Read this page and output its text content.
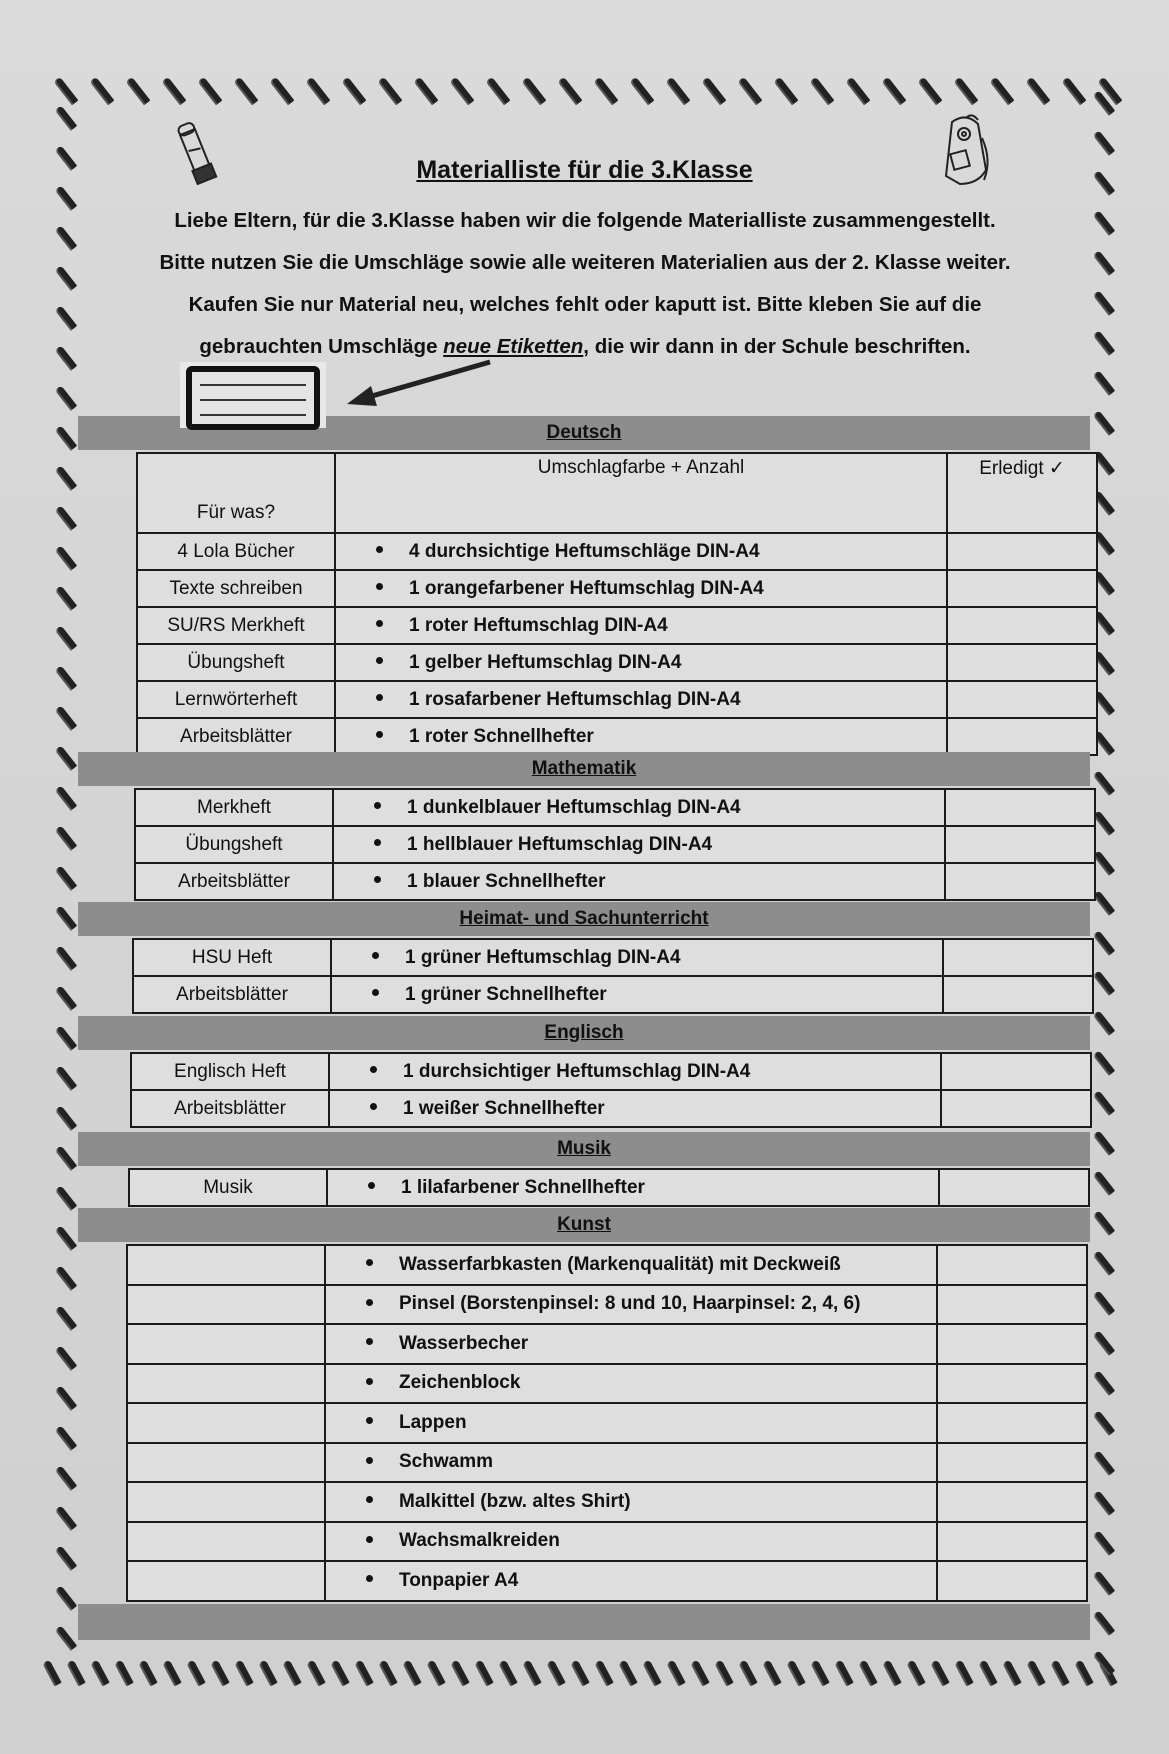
Materialliste für die 3.Klasse
Liebe Eltern, für die 3.Klasse haben wir die folgende Materialliste zusammengestellt.
Bitte nutzen Sie die Umschläge sowie alle weiteren Materialien aus der 2. Klasse weiter.
Kaufen Sie nur Material neu, welches fehlt oder kaputt ist. Bitte kleben Sie auf die
gebrauchten Umschläge neue Etiketten, die wir dann in der Schule beschriften.
Deutsch
Für was?	Umschlagfarbe + Anzahl	Erledigt ✓
4 Lola Bücher	4 durchsichtige Heftumschläge DIN-A4	
Texte schreiben	1 orangefarbener Heftumschlag DIN-A4	
SU/RS Merkheft	1 roter Heftumschlag DIN-A4	
Übungsheft	1 gelber Heftumschlag DIN-A4	
Lernwörterheft	1 rosafarbener Heftumschlag DIN-A4	
Arbeitsblätter	1 roter Schnellhefter	
Mathematik
Merkheft	1 dunkelblauer Heftumschlag DIN-A4	
Übungsheft	1 hellblauer Heftumschlag DIN-A4	
Arbeitsblätter	1 blauer Schnellhefter	
Heimat- und Sachunterricht
HSU Heft	1 grüner Heftumschlag DIN-A4	
Arbeitsblätter	1 grüner Schnellhefter	
Englisch
Englisch Heft	1 durchsichtiger Heftumschlag DIN-A4	
Arbeitsblätter	1 weißer Schnellhefter	
Musik
Musik	1 lilafarbener Schnellhefter	
Kunst
	Wasserfarbkasten (Markenqualität) mit Deckweiß	
	Pinsel (Borstenpinsel: 8 und 10, Haarpinsel: 2, 4, 6)	
	Wasserbecher	
	Zeichenblock	
	Lappen	
	Schwamm	
	Malkittel (bzw. altes Shirt)	
	Wachsmalkreiden	
	Tonpapier A4	
